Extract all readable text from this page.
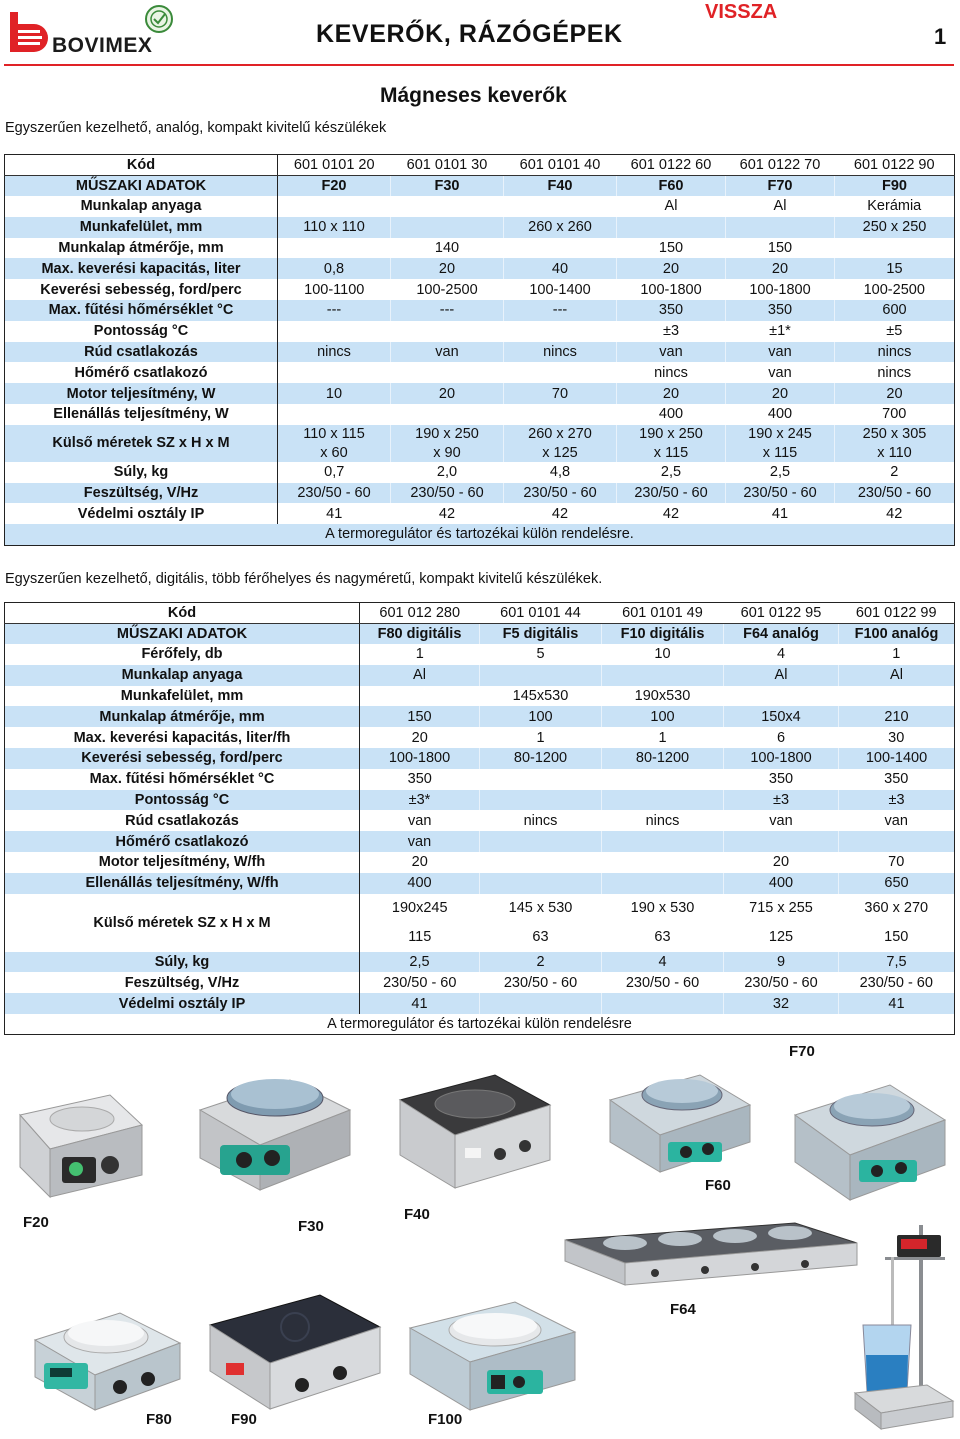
BOVIMEX	KEVERŐK, RÁZÓGÉPEK
VISSZA
1
Mágneses keverők
Egyszerűen kezelhető, analóg, kompakt kivitelű készülékek
Kód	601 0101 20	601 0101 30	601 0101 40	601 0122 60	601 0122 70	601 0122 90
MŰSZAKI ADATOK	F20	F30	F40	F60	F70	F90
Munkalap anyaga				Al	Al	Kerámia
Munkafelület, mm	110 x 110		260 x 260			250 x 250
Munkalap átmérője, mm		140		150	150	
Max. keverési kapacitás, liter	0,8	20	40	20	20	15
Keverési sebesség, ford/perc	100-1100	100-2500	100-1400	100-1800	100-1800	100-2500
Max. fűtési hőmérséklet °C	---	---	---	350	350	600
Pontosság °C				±3	±1*	±5
Rúd csatlakozás	nincs	van	nincs	van	van	nincs
Hőmérő csatlakozó				nincs	van	nincs
Motor teljesítmény, W	10	20	70	20	20	20
Ellenállás teljesítmény, W				400	400	700
Külső méretek SZ x H x M	110 x 115	190 x 250	260 x 270	190 x 250	190 x 245	250 x 305
	x 60	x 90	x 125	x 115	x 115	x 110
Súly, kg	0,7	2,0	4,8	2,5	2,5	2
Feszültség, V/Hz	230/50 - 60	230/50 - 60	230/50 - 60	230/50 - 60	230/50 - 60	230/50 - 60
Védelmi osztály IP	41	42	42	42	41	42
A termoregulátor és tartozékai külön rendelésre.						
Egyszerűen kezelhető, digitális, több férőhelyes és nagyméretű, kompakt kivitelű készülékek.
Kód	601 012 280	601 0101 44	601 0101 49	601 0122 95	601 0122 99
MŰSZAKI ADATOK	F80 digitális	F5 digitális	F10 digitális	F64 analóg	F100 analóg
Férőfely, db	1	5	10	4	1
Munkalap anyaga	Al			Al	Al
Munkafelület, mm		145x530	190x530		
Munkalap átmérője, mm	150	100	100	150x4	210
Max. keverési kapacitás, liter/fh	20	1	1	6	30
Keverési sebesség, ford/perc	100-1800	80-1200	80-1200	100-1800	100-1400
Max. fűtési hőmérséklet °C	350			350	350
Pontosság °C	±3*			±3	±3
Rúd csatlakozás	van	nincs	nincs	van	van
Hőmérő csatlakozó	van				
Motor teljesítmény, W/fh	20			20	70
Ellenállás teljesítmény, W/fh	400			400	650
Külső méretek SZ x H x M	190x245	145 x 530	190 x 530	715 x 255	360 x 270
	115	63	63	125	150
Súly, kg	2,5	2	4	9	7,5
Feszültség, V/Hz	230/50 - 60	230/50 - 60	230/50 - 60	230/50 - 60	230/50 - 60
Védelmi osztály IP	41			32	41
A termoregulátor és tartozékai külön rendelésre					
F20	F30
F40
F60
F70
F64
F80	F90	F100
